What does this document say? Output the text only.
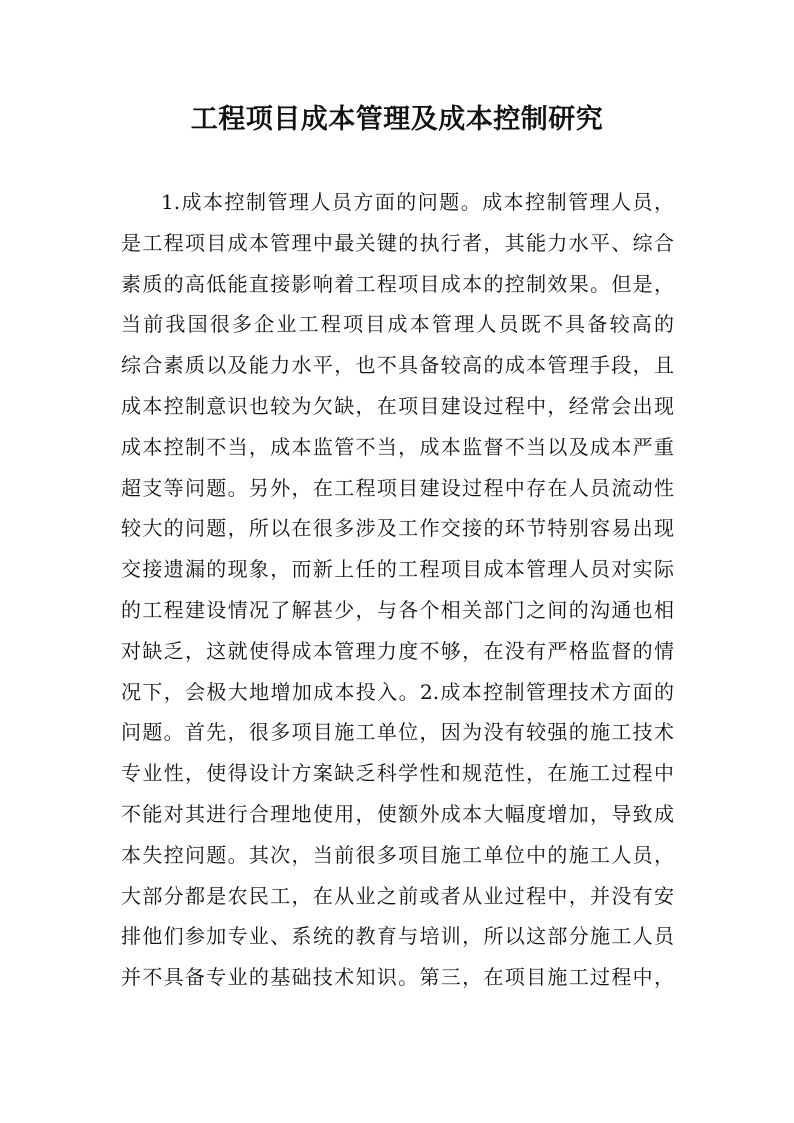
工程项目成本管理及成本控制研究
1.成本控制管理人员方面的问题。成本控制管理人员，
是工程项目成本管理中最关键的执行者，其能力水平、综合
素质的高低能直接影响着工程项目成本的控制效果。但是，
当前我国很多企业工程项目成本管理人员既不具备较高的
综合素质以及能力水平，也不具备较高的成本管理手段，且
成本控制意识也较为欠缺，在项目建设过程中，经常会出现
成本控制不当，成本监管不当，成本监督不当以及成本严重
超支等问题。另外，在工程项目建设过程中存在人员流动性
较大的问题，所以在很多涉及工作交接的环节特别容易出现
交接遗漏的现象，而新上任的工程项目成本管理人员对实际
的工程建设情况了解甚少，与各个相关部门之间的沟通也相
对缺乏，这就使得成本管理力度不够，在没有严格监督的情
况下，会极大地增加成本投入。2.成本控制管理技术方面的
问题。首先，很多项目施工单位，因为没有较强的施工技术
专业性，使得设计方案缺乏科学性和规范性，在施工过程中
不能对其进行合理地使用，使额外成本大幅度增加，导致成
本失控问题。其次，当前很多项目施工单位中的施工人员，
大部分都是农民工，在从业之前或者从业过程中，并没有安
排他们参加专业、系统的教育与培训，所以这部分施工人员
并不具备专业的基础技术知识。第三，在项目施工过程中，
